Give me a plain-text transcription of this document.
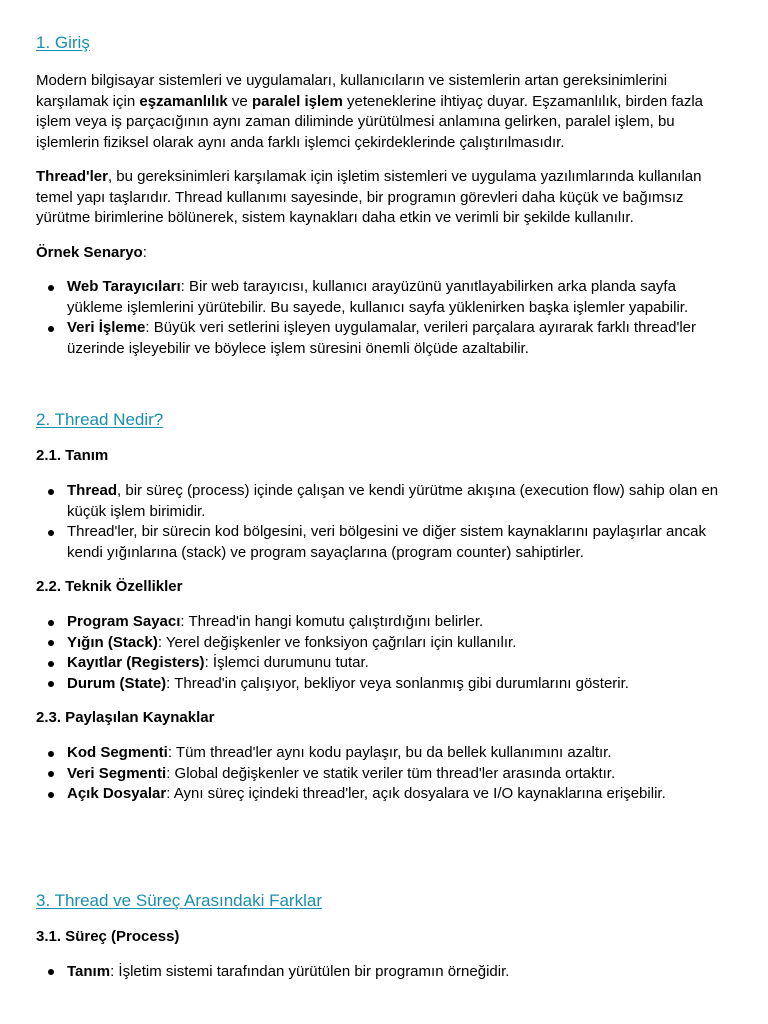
1. Giriş

Modern bilgisayar sistemleri ve uygulamaları, kullanıcıların ve sistemlerin artan gereksinimlerini karşılamak için eşzamanlılık ve paralel işlem yeteneklerine ihtiyaç duyar. Eşzamanlılık, birden fazla işlem veya iş parçacığının aynı zaman diliminde yürütülmesi anlamına gelirken, paralel işlem, bu işlemlerin fiziksel olarak aynı anda farklı işlemci çekirdeklerinde çalıştırılmasıdır.

Thread'ler, bu gereksinimleri karşılamak için işletim sistemleri ve uygulama yazılımlarında kullanılan temel yapı taşlarıdır. Thread kullanımı sayesinde, bir programın görevleri daha küçük ve bağımsız yürütme birimlerine bölünerek, sistem kaynakları daha etkin ve verimli bir şekilde kullanılır.

Örnek Senaryo:

Web Tarayıcıları: Bir web tarayıcısı, kullanıcı arayüzünü yanıtlayabilirken arka planda sayfa yükleme işlemlerini yürütebilir. Bu sayede, kullanıcı sayfa yüklenirken başka işlemler yapabilir.
Veri İşleme: Büyük veri setlerini işleyen uygulamalar, verileri parçalara ayırarak farklı thread'ler üzerinde işleyebilir ve böylece işlem süresini önemli ölçüde azaltabilir.
2. Thread Nedir?
2.1. Tanım
Thread, bir süreç (process) içinde çalışan ve kendi yürütme akışına (execution flow) sahip olan en küçük işlem birimidir.
Thread'ler, bir sürecin kod bölgesini, veri bölgesini ve diğer sistem kaynaklarını paylaşırlar ancak kendi yığınlarına (stack) ve program sayaçlarına (program counter) sahiptirler.
2.2. Teknik Özellikler
Program Sayacı: Thread'in hangi komutu çalıştırdığını belirler.
Yığın (Stack): Yerel değişkenler ve fonksiyon çağrıları için kullanılır.
Kayıtlar (Registers): İşlemci durumunu tutar.
Durum (State): Thread'in çalışıyor, bekliyor veya sonlanmış gibi durumlarını gösterir.
2.3. Paylaşılan Kaynaklar
Kod Segmenti: Tüm thread'ler aynı kodu paylaşır, bu da bellek kullanımını azaltır.
Veri Segmenti: Global değişkenler ve statik veriler tüm thread'ler arasında ortaktır.
Açık Dosyalar: Aynı süreç içindeki thread'ler, açık dosyalara ve I/O kaynaklarına erişebilir.
3. Thread ve Süreç Arasındaki Farklar
3.1. Süreç (Process)
Tanım: İşletim sistemi tarafından yürütülen bir programın örneğidir.
